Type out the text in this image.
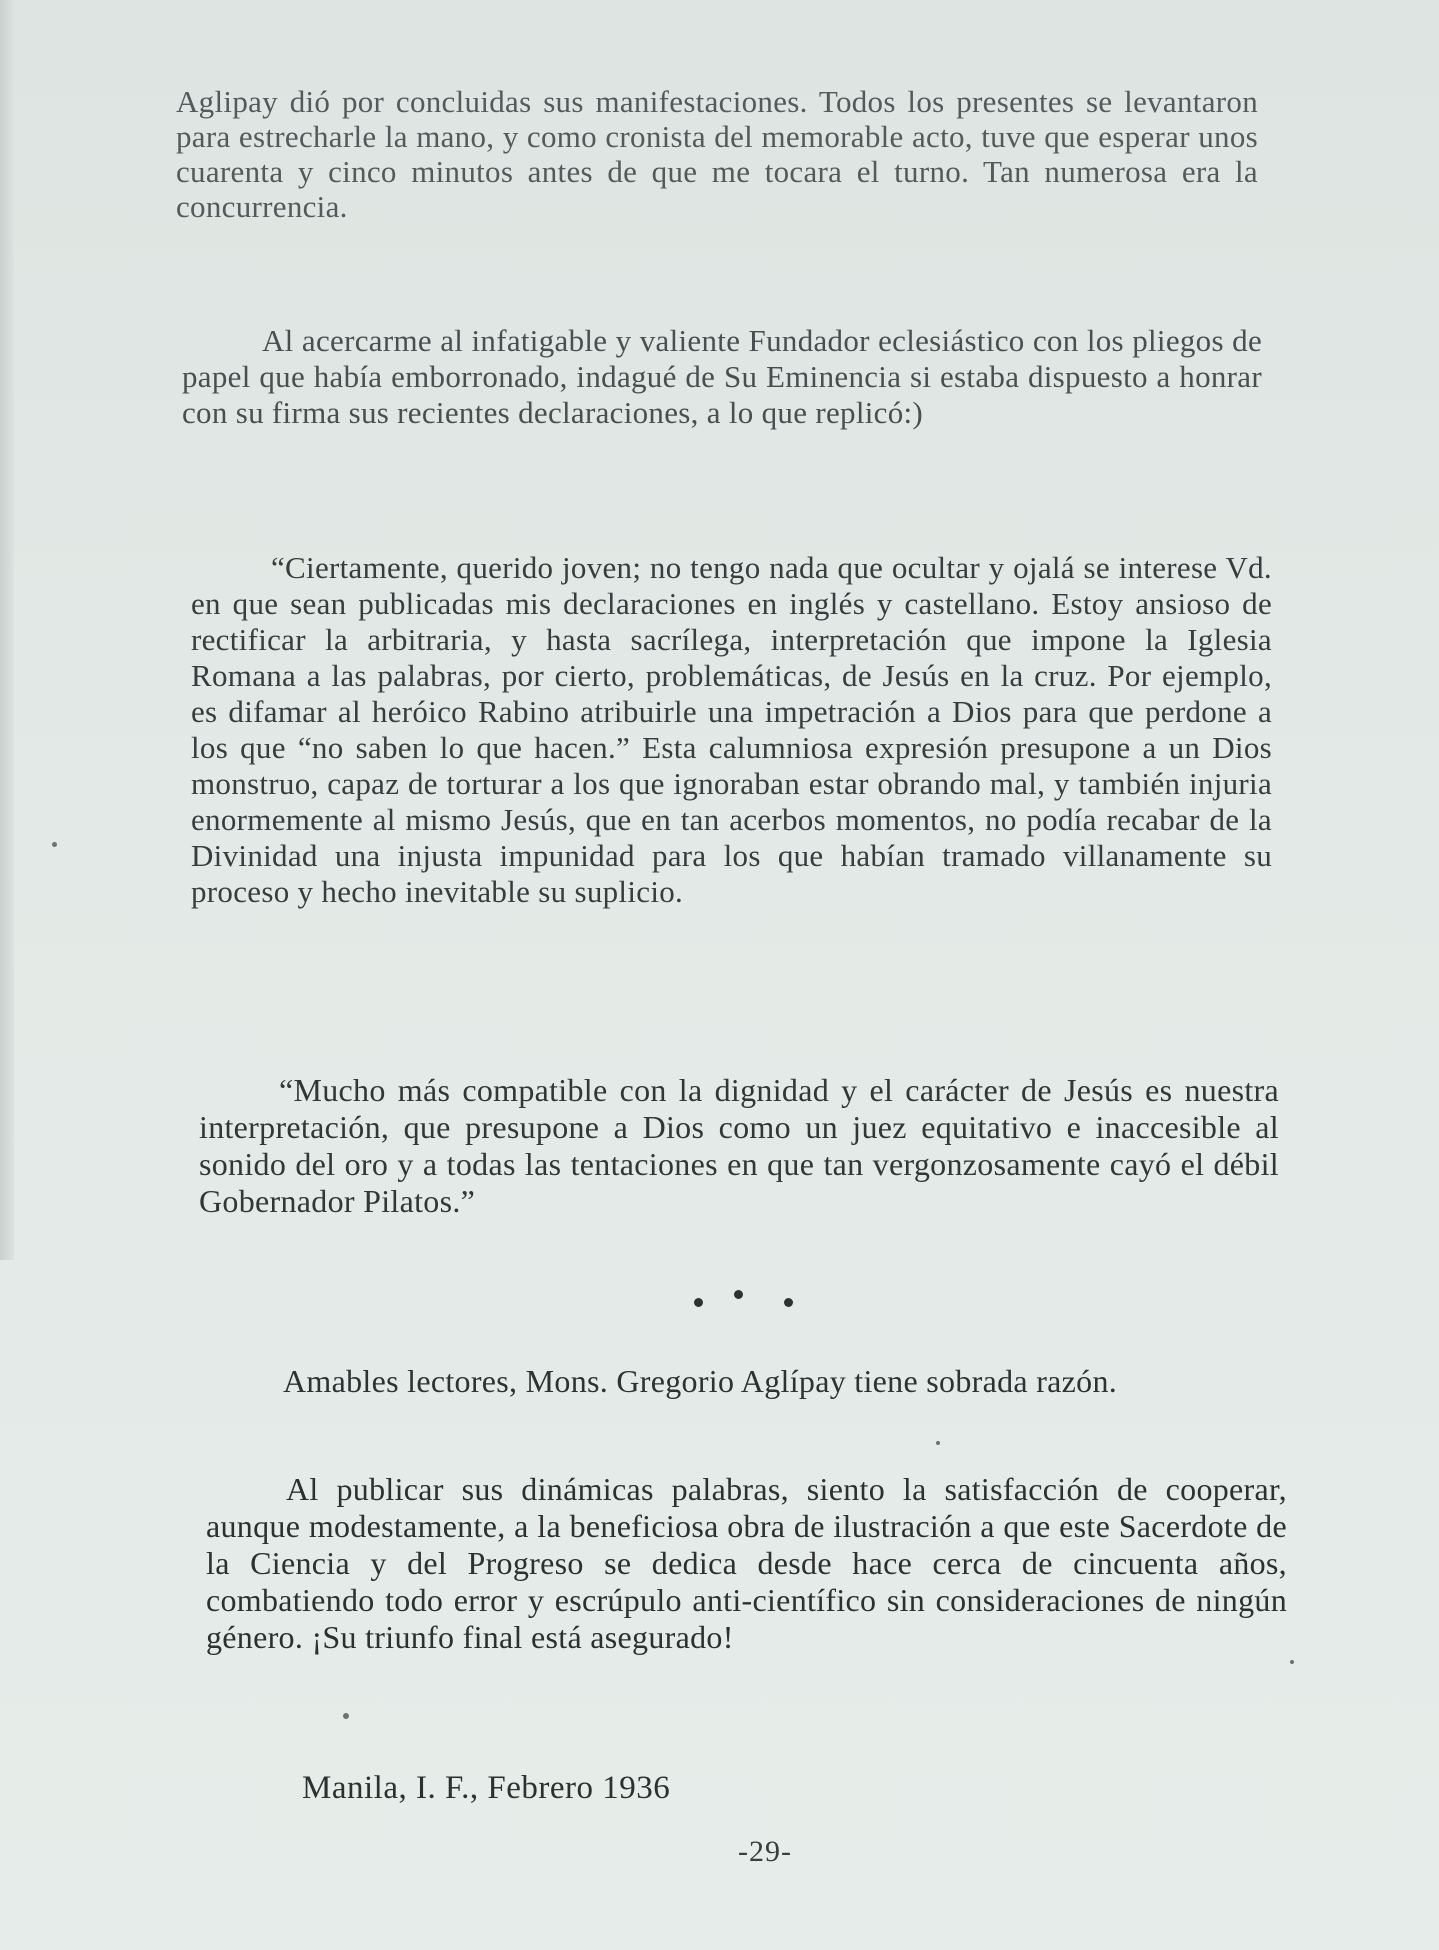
Aglipay dió por concluidas sus manifestaciones. Todos los presentes se levantaron para estrecharle la mano, y como cronista del memorable acto, tuve que esperar unos cuarenta y cinco minutos antes de que me tocara el turno. Tan numerosa era la concurrencia.

Al acercarme al infatigable y valiente Fundador eclesiástico con los pliegos de papel que había emborronado, indagué de Su Eminencia si estaba dispuesto a honrar con su firma sus recientes declaraciones, a lo que replicó:)

“Ciertamente, querido joven; no tengo nada que ocultar y ojalá se interese Vd. en que sean publicadas mis declaraciones en inglés y castellano. Estoy ansioso de rectificar la arbitraria, y hasta sacrílega, interpretación que impone la Iglesia Romana a las palabras, por cierto, problemáticas, de Jesús en la cruz. Por ejemplo, es difamar al heróico Rabino atribuirle una impetración a Dios para que perdone a los que “no saben lo que hacen.” Esta calumniosa expresión presupone a un Dios monstruo, capaz de torturar a los que ignoraban estar obrando mal, y también injuria enormemente al mismo Jesús, que en tan acerbos momentos, no podía recabar de la Divinidad una injusta impunidad para los que habían tramado villanamente su proceso y hecho inevitable su suplicio.

“Mucho más compatible con la dignidad y el carácter de Jesús es nuestra interpretación, que presupone a Dios como un juez equitativo e inaccesible al sonido del oro y a todas las tentaciones en que tan vergonzosamente cayó el débil Gobernador Pilatos.”

Amables lectores, Mons. Gregorio Aglípay tiene sobrada razón.

Al publicar sus dinámicas palabras, siento la satisfacción de cooperar, aunque modestamente, a la beneficiosa obra de ilustración a que este Sacerdote de la Ciencia y del Progreso se dedica desde hace cerca de cincuenta años, combatiendo todo error y escrúpulo anti-científico sin consideraciones de ningún género. ¡Su triunfo final está asegurado!

Manila, I. F., Febrero 1936

-29-
